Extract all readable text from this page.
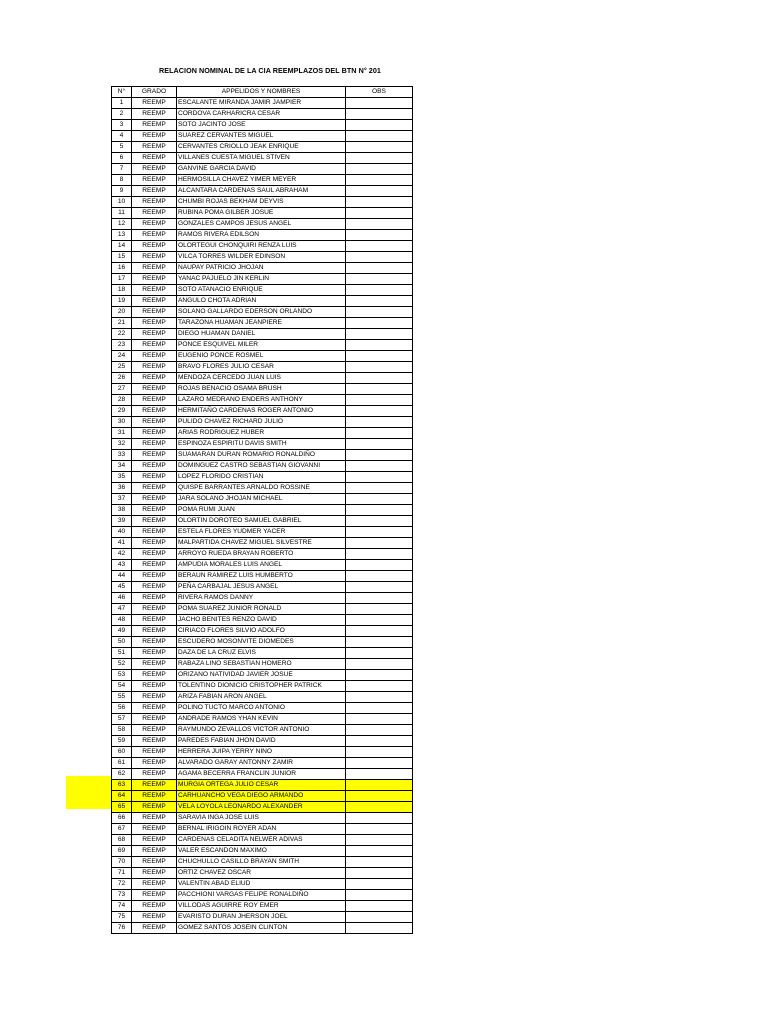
RELACION NOMINAL DE LA CIA REEMPLAZOS DEL BTN N° 201
N°	GRADO	APPELIDOS Y NOMBRES	OBS
1	REEMP	ESCALANTE MIRANDA JAMIR JAMPIER	
2	REEMP	CORDOVA CARHARICRA CESAR	
3	REEMP	SOTO JACINTO JOSE	
4	REEMP	SUAREZ CERVANTES MIGUEL	
5	REEMP	CERVANTES CRIOLLO JEAK ENRIQUE	
6	REEMP	VILLANES CUESTA MIGUEL STIVEN	
7	REEMP	GANVINE GARCIA DAVID	
8	REEMP	HERMOSILLA CHAVEZ YIMER MEYER	
9	REEMP	ALCANTARA CARDENAS SAUL ABRAHAM	
10	REEMP	CHUMBI ROJAS BEKHAM DEYVIS	
11	REEMP	RUBINA POMA GILBER JOSUE	
12	REEMP	GONZALES CAMPOS JESUS ANGEL	
13	REEMP	RAMOS RIVERA EDILSON	
14	REEMP	OLORTEGUI CHONQUIRI RENZA LUIS	
15	REEMP	VILCA TORRES WILDER EDINSON	
16	REEMP	NAUPAY PATRICIO JHOJAN	
17	REEMP	YANAC PAJUELO JIN KERLIN	
18	REEMP	SOTO ATANACIO ENRIQUE	
19	REEMP	ANGULO CHOTA ADRIAN	
20	REEMP	SOLANO GALLARDO EDERSON ORLANDO	
21	REEMP	TARAZONA HUAMAN JEANPIERE	
22	REEMP	DIEGO HUAMAN DANIEL	
23	REEMP	PONCE ESQUIVEL MILER	
24	REEMP	EUGENIO PONCE ROSMEL	
25	REEMP	BRAVO FLORES JULIO CESAR	
26	REEMP	MENDOZA CERCEDO JUAN LUIS	
27	REEMP	ROJAS BENACIO OSAMA BRUSH	
28	REEMP	LAZARO MEDRANO ENDERS ANTHONY	
29	REEMP	HERMITAÑO CARDENAS ROGER ANTONIO	
30	REEMP	PULIDO CHAVEZ RICHARD JULIO	
31	REEMP	ARIAS RODRIGUEZ HUBER	
32	REEMP	ESPINOZA ESPIRITU DAVIS SMITH	
33	REEMP	SUAMARAN DURAN ROMARIO RONALDIÑO	
34	REEMP	DOMINGUEZ CASTRO SEBASTIAN GIOVANNI	
35	REEMP	LOPEZ FLORIDO CRISTIAN	
36	REEMP	QUISPE BARRANTES ARNALDO ROSSINE	
37	REEMP	JARA SOLANO JHOJAN MICHAEL	
38	REEMP	POMA RUMI JUAN	
39	REEMP	OLORTIN DOROTEO SAMUEL GABRIEL	
40	REEMP	ESTELA FLORES YUDMER YACER	
41	REEMP	MALPARTIDA CHAVEZ MIGUEL SILVESTRE	
42	REEMP	ARROYO RUEDA BRAYAN ROBERTO	
43	REEMP	AMPUDIA MORALES LUIS ANGEL	
44	REEMP	BERAUN RAMIREZ LUIS HUMBERTO	
45	REEMP	PEÑA CARBAJAL JESUS ANGEL	
46	REEMP	RIVERA RAMOS DANNY	
47	REEMP	POMA SUAREZ JUNIOR RONALD	
48	REEMP	JACHO BENITES RENZO DAVID	
49	REEMP	CIRIACO FLORES SILVIO ADOLFO	
50	REEMP	ESCUDERO MOSONVITE DIOMEDES	
51	REEMP	DAZA DE LA CRUZ ELVIS	
52	REEMP	RABAZA LINO SEBASTIAN HOMERO	
53	REEMP	ORIZANO NATIVIDAD JAVIER JOSUE	
54	REEMP	TOLENTINO DIONICIO CRISTOPHER PATRICK	
55	REEMP	ARIZA FABIAN ARON ANGEL	
56	REEMP	POLINO TUCTO MARCO ANTONIO	
57	REEMP	ANDRADE RAMOS YHAN KEVIN	
58	REEMP	RAYMUNDO ZEVALLOS VICTOR ANTONIO	
59	REEMP	PAREDES FABIAN JHON DAVID	
60	REEMP	HERRERA JUIPA YERRY NINO	
61	REEMP	ALVARADO GARAY ANTONNY ZAMIR	
62	REEMP	AGAMA BECERRA FRANCLIN JUNIOR	
63	REEMP	MURGIA ORTEGA JULIO CESAR	
64	REEMP	CARHUANCHO VEGA DIEGO ARMANDO	
65	REEMP	VELA LOYOLA LEONARDO ALEXANDER	
66	REEMP	SARAVIA INGA JOSE LUIS	
67	REEMP	BERNAL IRIGOIN ROYER ADAN	
68	REEMP	CARDENAS CELADITA NELWER ADIVAS	
69	REEMP	VALER ESCANDON MAXIMO	
70	REEMP	CHUCHULLO CASILLO BRAYAN SMITH	
71	REEMP	ORTIZ CHAVEZ OSCAR	
72	REEMP	VALENTIN ABAD ELIUD	
73	REEMP	PACCHIONI VARGAS FELIPE RONALDIÑO	
74	REEMP	VILLODAS AGUIRRE ROY EMER	
75	REEMP	EVARISTO DURAN JHERSON JOEL	
76	REEMP	GOMEZ SANTOS JOSEIN CLINTON	
